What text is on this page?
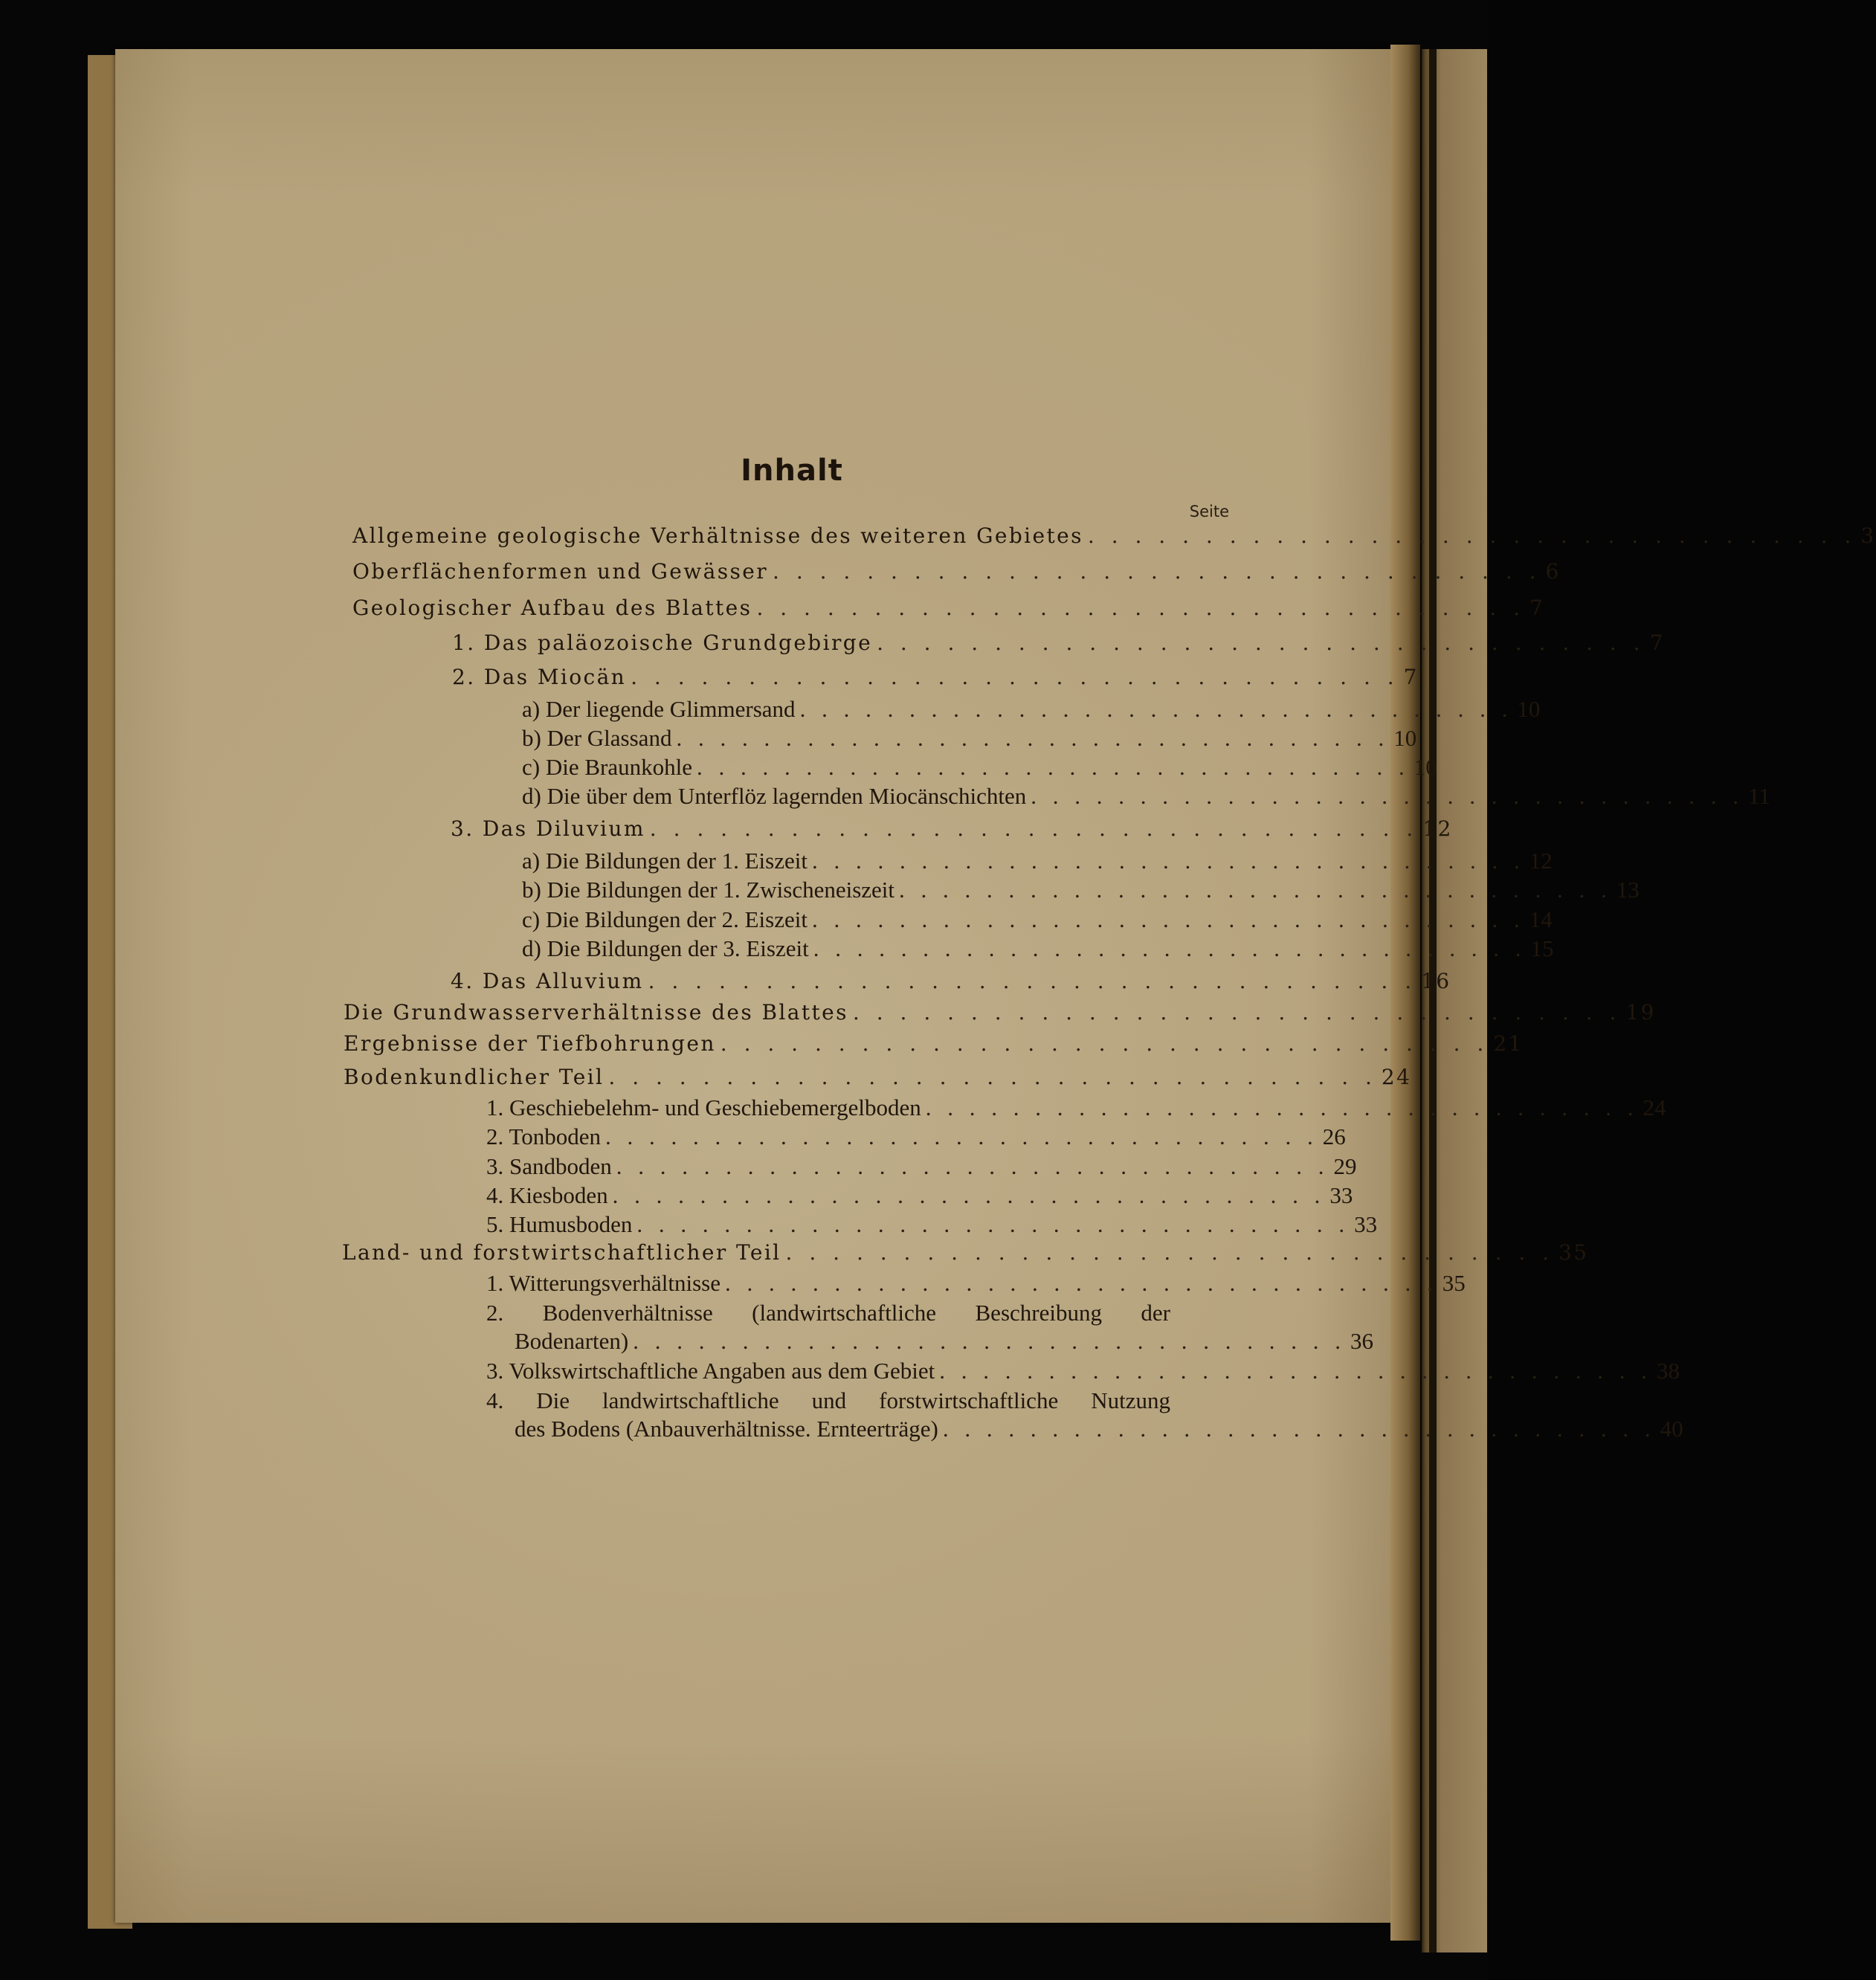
Inhalt
Seite
Allgemeine geologische Verhältnisse des weiteren Gebietes . . . . . . . . . . . . . . . . . . . . . . . . . . . . . . . . . 3
Oberflächenformen und Gewässer . . . . . . . . . . . . . . . . . . . . . . . . . . . . . . . . . 6
Geologischer Aufbau des Blattes . . . . . . . . . . . . . . . . . . . . . . . . . . . . . . . . . 7
1. Das paläozoische Grundgebirge . . . . . . . . . . . . . . . . . . . . . . . . . . . . . . . . . 7
2. Das Miocän . . . . . . . . . . . . . . . . . . . . . . . . . . . . . . . . . 7
a) Der liegende Glimmersand . . . . . . . . . . . . . . . . . . . . . . . . . . . . . . . . . 10
b) Der Glassand . . . . . . . . . . . . . . . . . . . . . . . . . . . . . . . . . 10
c) Die Braunkohle . . . . . . . . . . . . . . . . . . . . . . . . . . . . . . . . . 10
d) Die über dem Unterflöz lagernden Miocänschichten . . . . . . . . . . . . . . . . . . . . . . . . . . . . . . . . . 11
3. Das Diluvium . . . . . . . . . . . . . . . . . . . . . . . . . . . . . . . . . 12
a) Die Bildungen der 1. Eiszeit . . . . . . . . . . . . . . . . . . . . . . . . . . . . . . . . . 12
b) Die Bildungen der 1. Zwischeneiszeit . . . . . . . . . . . . . . . . . . . . . . . . . . . . . . . . . 13
c) Die Bildungen der 2. Eiszeit . . . . . . . . . . . . . . . . . . . . . . . . . . . . . . . . . 14
d) Die Bildungen der 3. Eiszeit . . . . . . . . . . . . . . . . . . . . . . . . . . . . . . . . . 15
4. Das Alluvium . . . . . . . . . . . . . . . . . . . . . . . . . . . . . . . . . 16
Die Grundwasserverhältnisse des Blattes . . . . . . . . . . . . . . . . . . . . . . . . . . . . . . . . . 19
Ergebnisse der Tiefbohrungen . . . . . . . . . . . . . . . . . . . . . . . . . . . . . . . . . 21
Bodenkundlicher Teil . . . . . . . . . . . . . . . . . . . . . . . . . . . . . . . . . 24
1. Geschiebelehm- und Geschiebemergelboden . . . . . . . . . . . . . . . . . . . . . . . . . . . . . . . . . 24
2. Tonboden . . . . . . . . . . . . . . . . . . . . . . . . . . . . . . . . . 26
3. Sandboden . . . . . . . . . . . . . . . . . . . . . . . . . . . . . . . . . 29
4. Kiesboden . . . . . . . . . . . . . . . . . . . . . . . . . . . . . . . . . 33
5. Humusboden . . . . . . . . . . . . . . . . . . . . . . . . . . . . . . . . . 33
Land- und forstwirtschaftlicher Teil . . . . . . . . . . . . . . . . . . . . . . . . . . . . . . . . . 35
1. Witterungsverhältnisse . . . . . . . . . . . . . . . . . . . . . . . . . . . . . . . . . 35
2. Bodenverhältnisse (landwirtschaftliche Beschreibung der
Bodenarten) . . . . . . . . . . . . . . . . . . . . . . . . . . . . . . . . . 36
3. Volkswirtschaftliche Angaben aus dem Gebiet . . . . . . . . . . . . . . . . . . . . . . . . . . . . . . . . . 38
4. Die landwirtschaftliche und forstwirtschaftliche Nutzung
des Bodens (Anbauverhältnisse. Ernteerträge) . . . . . . . . . . . . . . . . . . . . . . . . . . . . . . . . . 40
